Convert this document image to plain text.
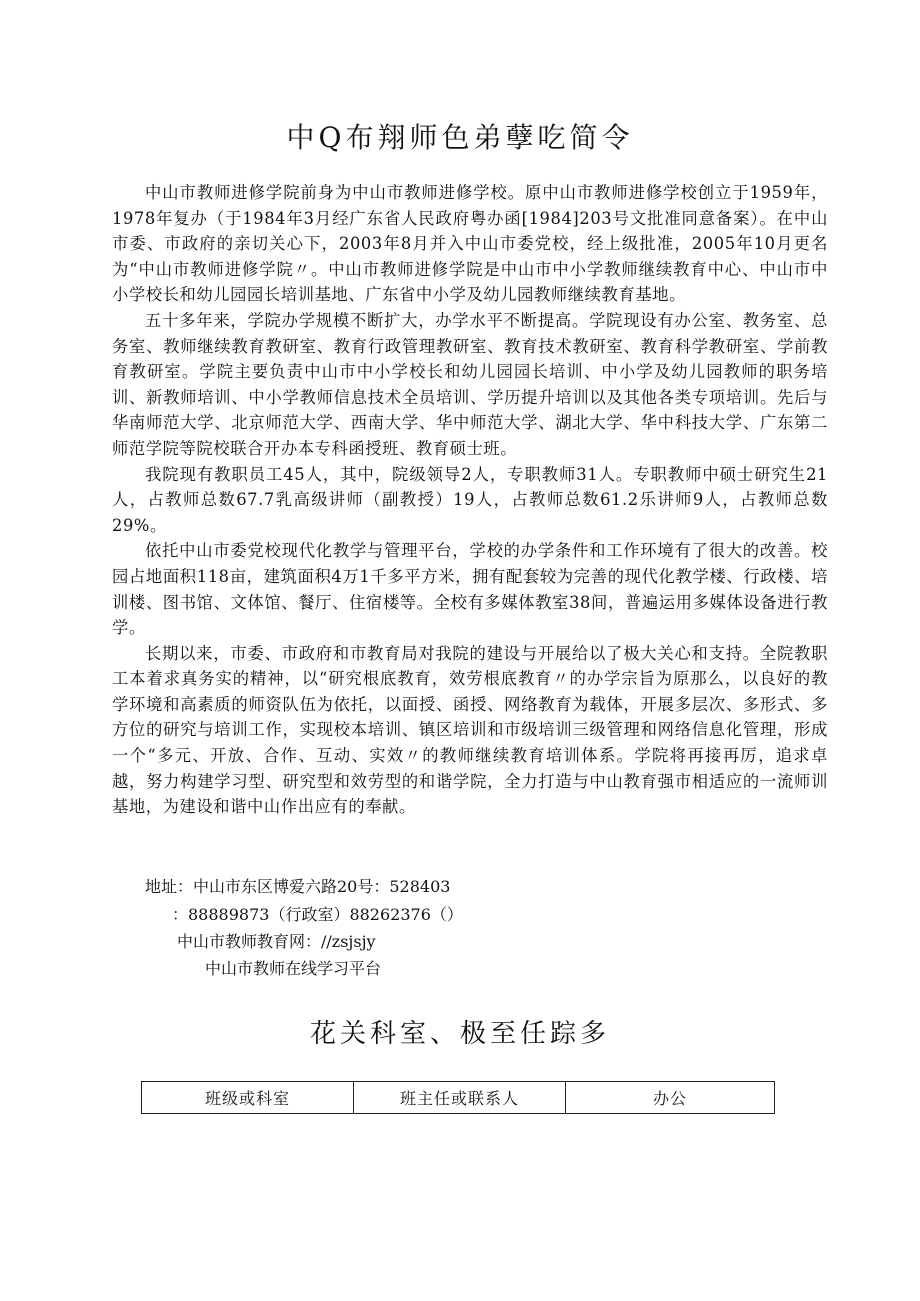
中Q布翔师色弟孽吃简令

中山市教师进修学院前身为中山市教师进修学校。原中山市教师进修学校创立于1959年，1978年复办（于1984年3月经广东省人民政府粤办函[1984]203号文批准同意备案）。在中山市委、市政府的亲切关心下，2003年8月并入中山市委党校，经上级批准，2005年10月更名为“中山市教师进修学院〃。中山市教师进修学院是中山市中小学教师继续教育中心、中山市中小学校长和幼儿园园长培训基地、广东省中小学及幼儿园教师继续教育基地。

五十多年来，学院办学规模不断扩大，办学水平不断提高。学院现设有办公室、教务室、总务室、教师继续教育教研室、教育行政管理教研室、教育技术教研室、教育科学教研室、学前教育教研室。学院主要负责中山市中小学校长和幼儿园园长培训、中小学及幼儿园教师的职务培训、新教师培训、中小学教师信息技术全员培训、学历提升培训以及其他各类专项培训。先后与华南师范大学、北京师范大学、西南大学、华中师范大学、湖北大学、华中科技大学、广东第二师范学院等院校联合开办本专科函授班、教育硕士班。

我院现有教职员工45人，其中，院级领导2人，专职教师31人。专职教师中硕士研究生21人，占教师总数67.7乳高级讲师（副教授）19人，占教师总数61.2乐讲师9人，占教师总数29%。

依托中山市委党校现代化教学与管理平台，学校的办学条件和工作环境有了很大的改善。校园占地面积118亩，建筑面积4万1千多平方米，拥有配套较为完善的现代化教学楼、行政楼、培训楼、图书馆、文体馆、餐厅、住宿楼等。全校有多媒体教室38间，普遍运用多媒体设备进行教学。

长期以来，市委、市政府和市教育局对我院的建设与开展给以了极大关心和支持。全院教职工本着求真务实的精神，以“研究根底教育，效劳根底教育〃的办学宗旨为原那么，以良好的教学环境和高素质的师资队伍为依托，以面授、函授、网络教育为载体，开展多层次、多形式、多方位的研究与培训工作，实现校本培训、镇区培训和市级培训三级管理和网络信息化管理，形成一个“多元、开放、合作、互动、实效〃的教师继续教育培训体系。学院将再接再厉，追求卓越，努力构建学习型、研究型和效劳型的和谐学院，全力打造与中山教育强市相适应的一流师训基地，为建设和谐中山作出应有的奉献。

地址：中山市东区博爱六路20号：528403

：88889873（行政室）88262376（）

中山市教师教育网：//zsjsjy

中山市教师在线学习平台

花关科室、极至任踪多
班级或科室	班主任或联系人	办公
